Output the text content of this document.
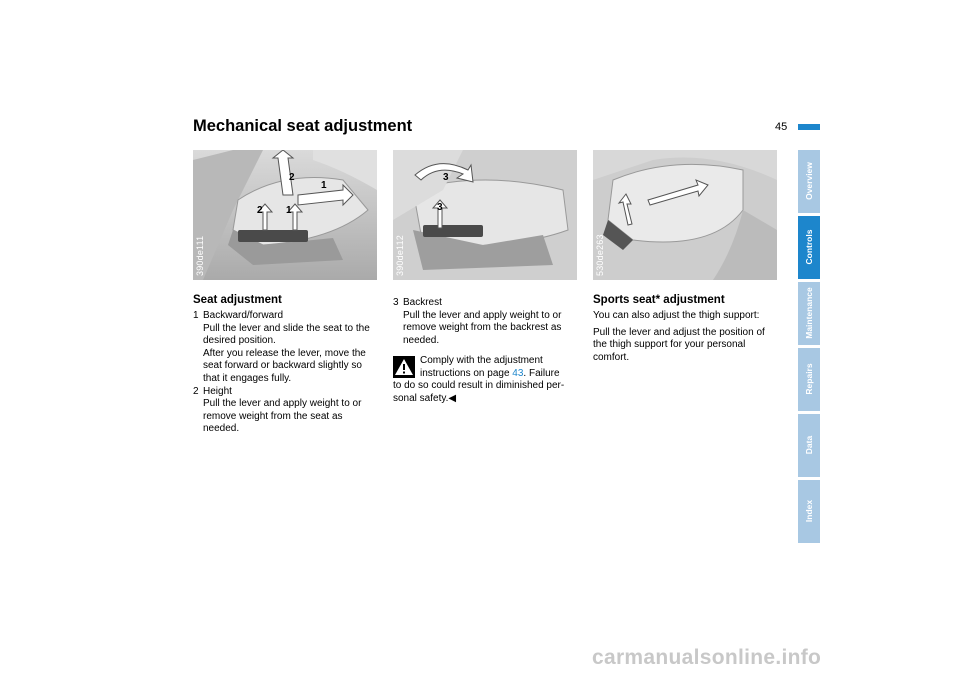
Mechanical seat adjustment	45
2
1
2 1
390de111
3
3
390de112	530de263
Seat adjustment
1 Backward/forward
Pull the lever and slide the seat to the
desired position.
After you release the lever, move the
seat forward or backward slightly so
that it engages fully.
2 Height
Pull the lever and apply weight to or
remove weight from the seat as
needed.
3 Backrest
Pull the lever and apply weight to or
remove weight from the backrest as
needed.
Comply with the adjustment
instructions on page 43. Failure
to do so could result in diminished per-
sonal safety.◀
Sports seat* adjustment
You can also adjust the thigh support:
Pull the lever and adjust the position of
the thigh support for your personal
comfort.
Overview
Controls
Maintenance
Repairs
Data
Index
carmanualsonline.info
